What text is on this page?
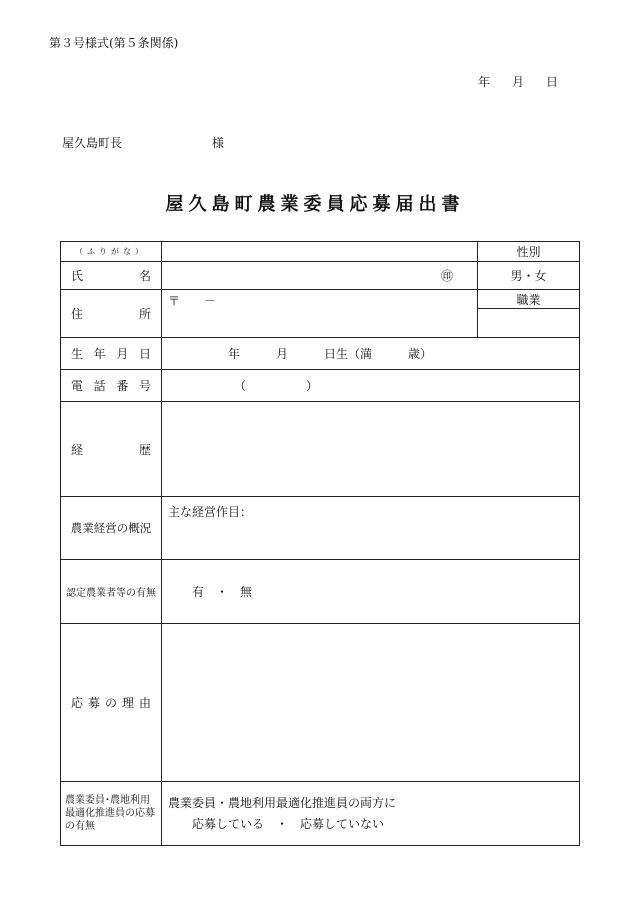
第３号様式(第５条関係)
年 月 日
屋久島町長	様
屋久島町農業委員応募届出書
（ふりがな）		性別
氏名	㊞	男・女
住所	〒　　－	職業

生年月日	年　　　月　　　日生（満　　　歳）	
電話番号	（　　　　　）	
経歴		
農業経営の概況	主な経営作目：	
認定農業者等の有無	有　・　無	
応募の理由		
農業委員･農地利用最適化推進員の応募の有無	農業委員・農地利用最適化推進員の両方に
応募している　・　応募していない	
